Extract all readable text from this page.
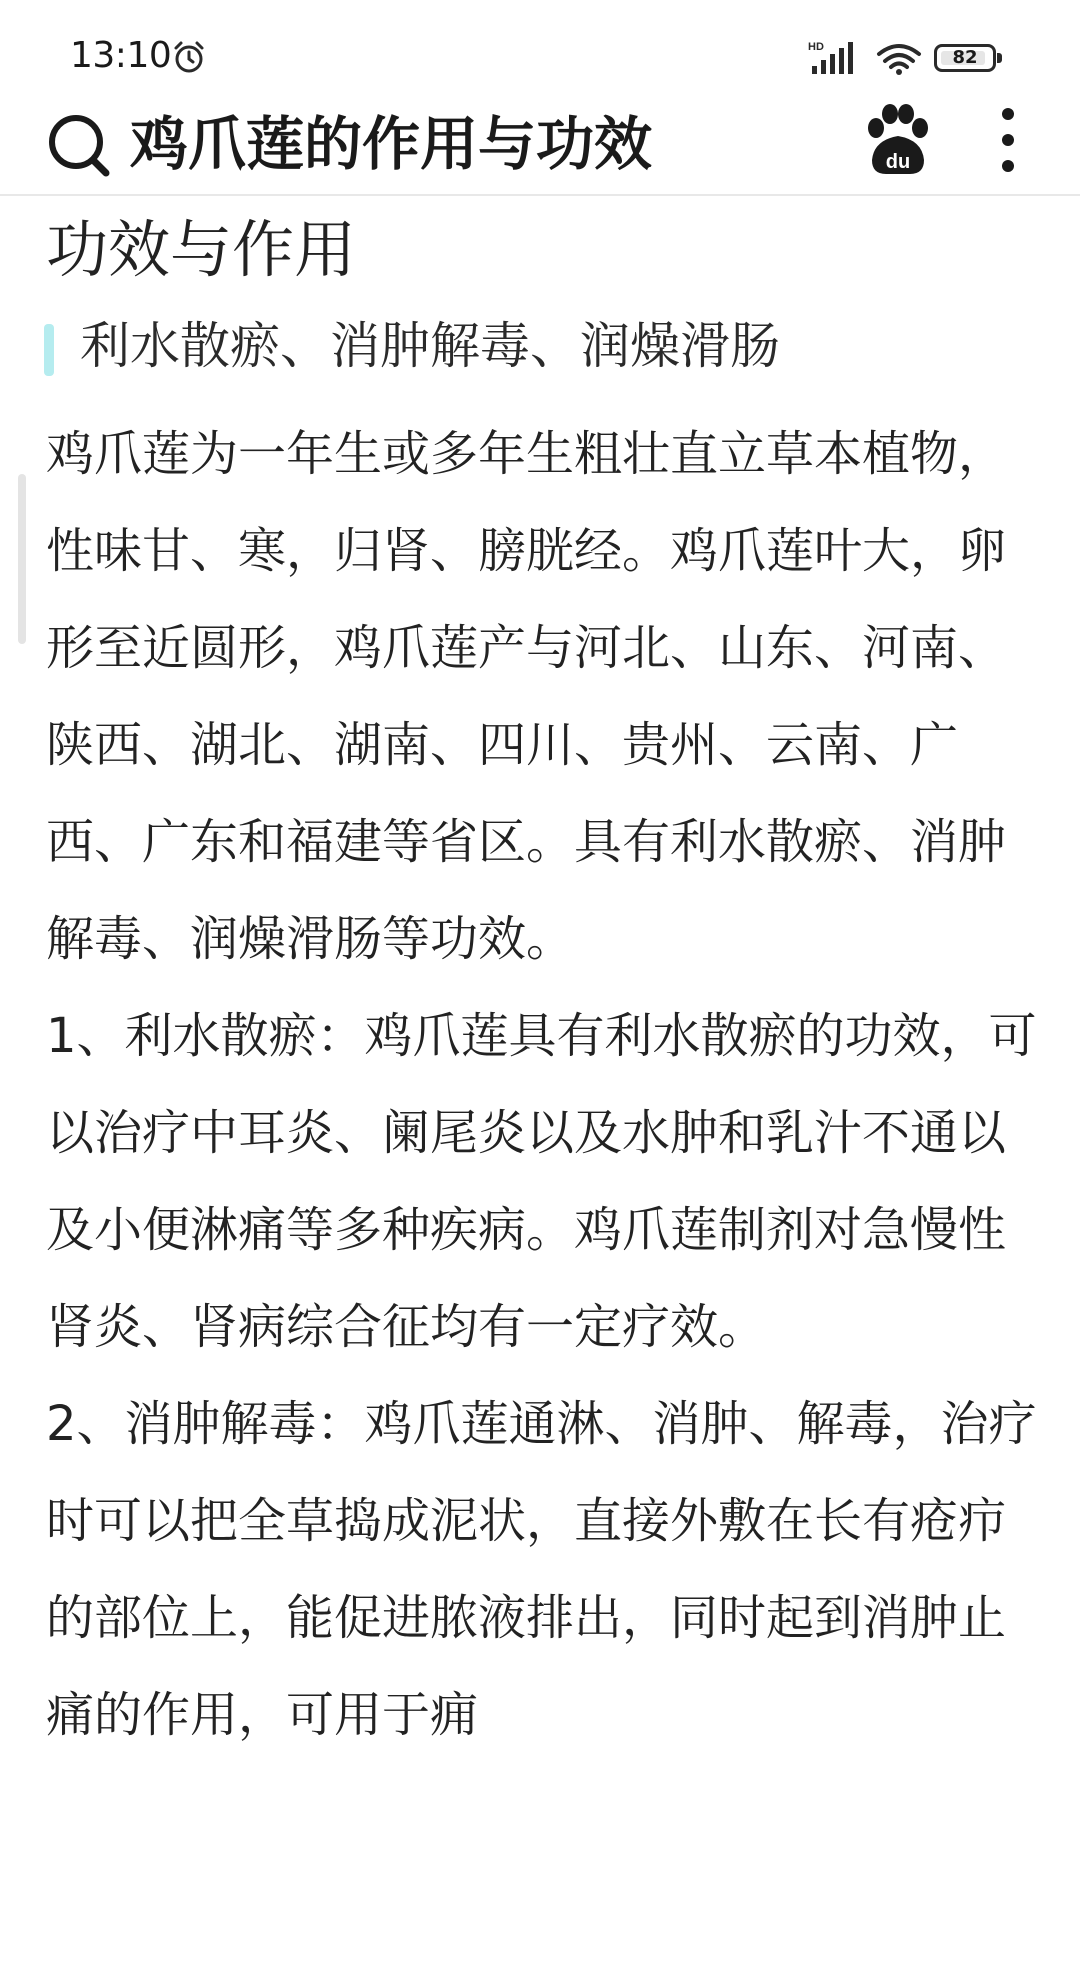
13:10	HD	82
鸡爪莲的作用与功效	du
功效与作用
利水散瘀、消肿解毒、润燥滑肠

鸡爪莲为一年生或多年生粗壮直立草本植物，性味甘、寒，归肾、膀胱经。鸡爪莲叶大，卵形至近圆形，鸡爪莲产与河北、山东、河南、陕西、湖北、湖南、四川、贵州、云南、广西、广东和福建等省区。具有利水散瘀、消肿解毒、润燥滑肠等功效。

1、利水散瘀：鸡爪莲具有利水散瘀的功效，可以治疗中耳炎、阑尾炎以及水肿和乳汁不通以及小便淋痛等多种疾病。鸡爪莲制剂对急慢性肾炎、肾病综合征均有一定疗效。

2、消肿解毒：鸡爪莲通淋、消肿、解毒，治疗时可以把全草捣成泥状，直接外敷在长有疮疖的部位上，能促进脓液排出，同时起到消肿止痛的作用，可用于痈
